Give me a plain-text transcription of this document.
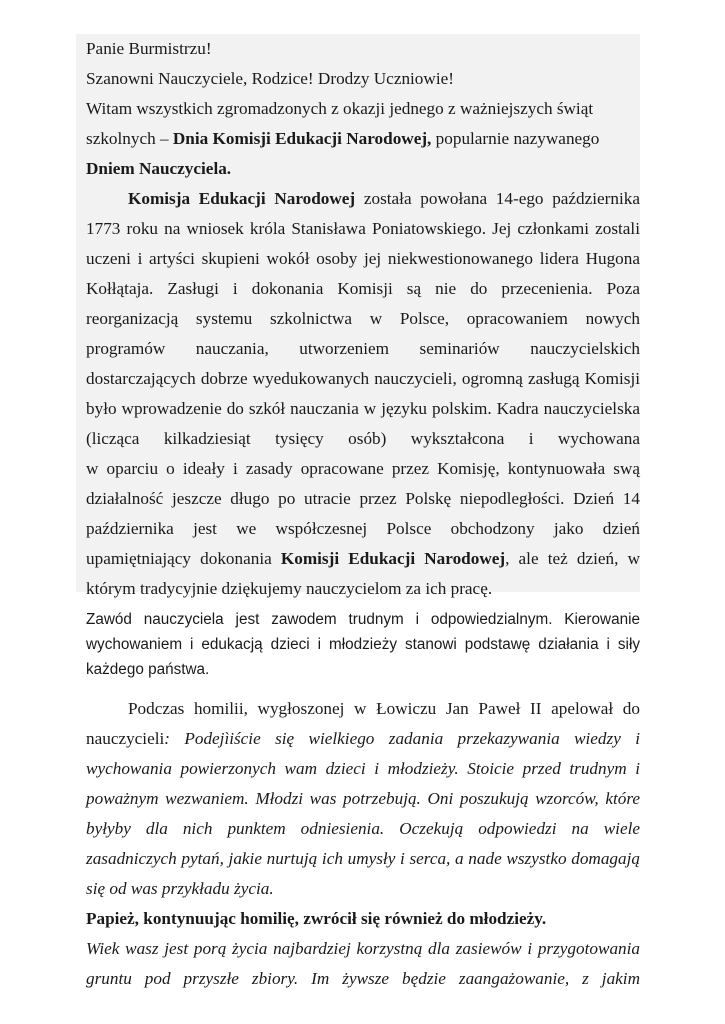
Panie Burmistrzu!
Szanowni Nauczyciele, Rodzice! Drodzy Uczniowie!
Witam wszystkich zgromadzonych z okazji jednego z ważniejszych świąt
szkolnych – Dnia Komisji Edukacji Narodowej, popularnie nazywanego
Dniem Nauczyciela.
Komisja Edukacji Narodowej została powołana 14-ego października
1773 roku na wniosek króla Stanisława Poniatowskiego. Jej członkami zostali
uczeni i artyści skupieni wokół osoby jej niekwestionowanego lidera Hugona
Kołłątaja. Zasługi i dokonania Komisji są nie do przecenienia. Poza
reorganizacją systemu szkolnictwa w Polsce, opracowaniem nowych
programów nauczania, utworzeniem seminariów nauczycielskich
dostarczających dobrze wyedukowanych nauczycieli, ogromną zasługą Komisji
było wprowadzenie do szkół nauczania w języku polskim. Kadra nauczycielska
(licząca kilkadziesiąt tysięcy osób) wykształcona i wychowana
w oparciu o ideały i zasady opracowane przez Komisję, kontynuowała swą
działalność jeszcze długo po utracie przez Polskę niepodległości. Dzień 14
października jest we współczesnej Polsce obchodzony jako dzień
upamiętniający dokonania Komisji Edukacji Narodowej, ale też dzień, w
którym tradycyjnie dziękujemy nauczycielom za ich pracę.
Zawód nauczyciela jest zawodem trudnym i odpowiedzialnym. Kierowanie
wychowaniem i edukacją dzieci i młodzieży stanowi podstawę działania i siły
każdego państwa.
Podczas homilii, wygłoszonej w Łowiczu Jan Paweł II apelował do
nauczycieli: Podejìiście się wielkiego zadania przekazywania wiedzy i
wychowania powierzonych wam dzieci i młodzieży. Stoicie przed trudnym i
poważnym wezwaniem. Młodzi was potrzebują. Oni poszukują wzorców, które
byłyby dla nich punktem odniesienia. Oczekują odpowiedzi na wiele
zasadniczych pytań, jakie nurtują ich umysły i serca, a nade wszystko domagają
się od was przykładu życia.
Papież, kontynuując homilię, zwrócił się również do młodzieży.
Wiek wasz jest porą życia najbardziej korzystną dla zasiewów i przygotowania
gruntu pod przyszłe zbiory. Im żywsze będzie zaangażowanie, z jakim
